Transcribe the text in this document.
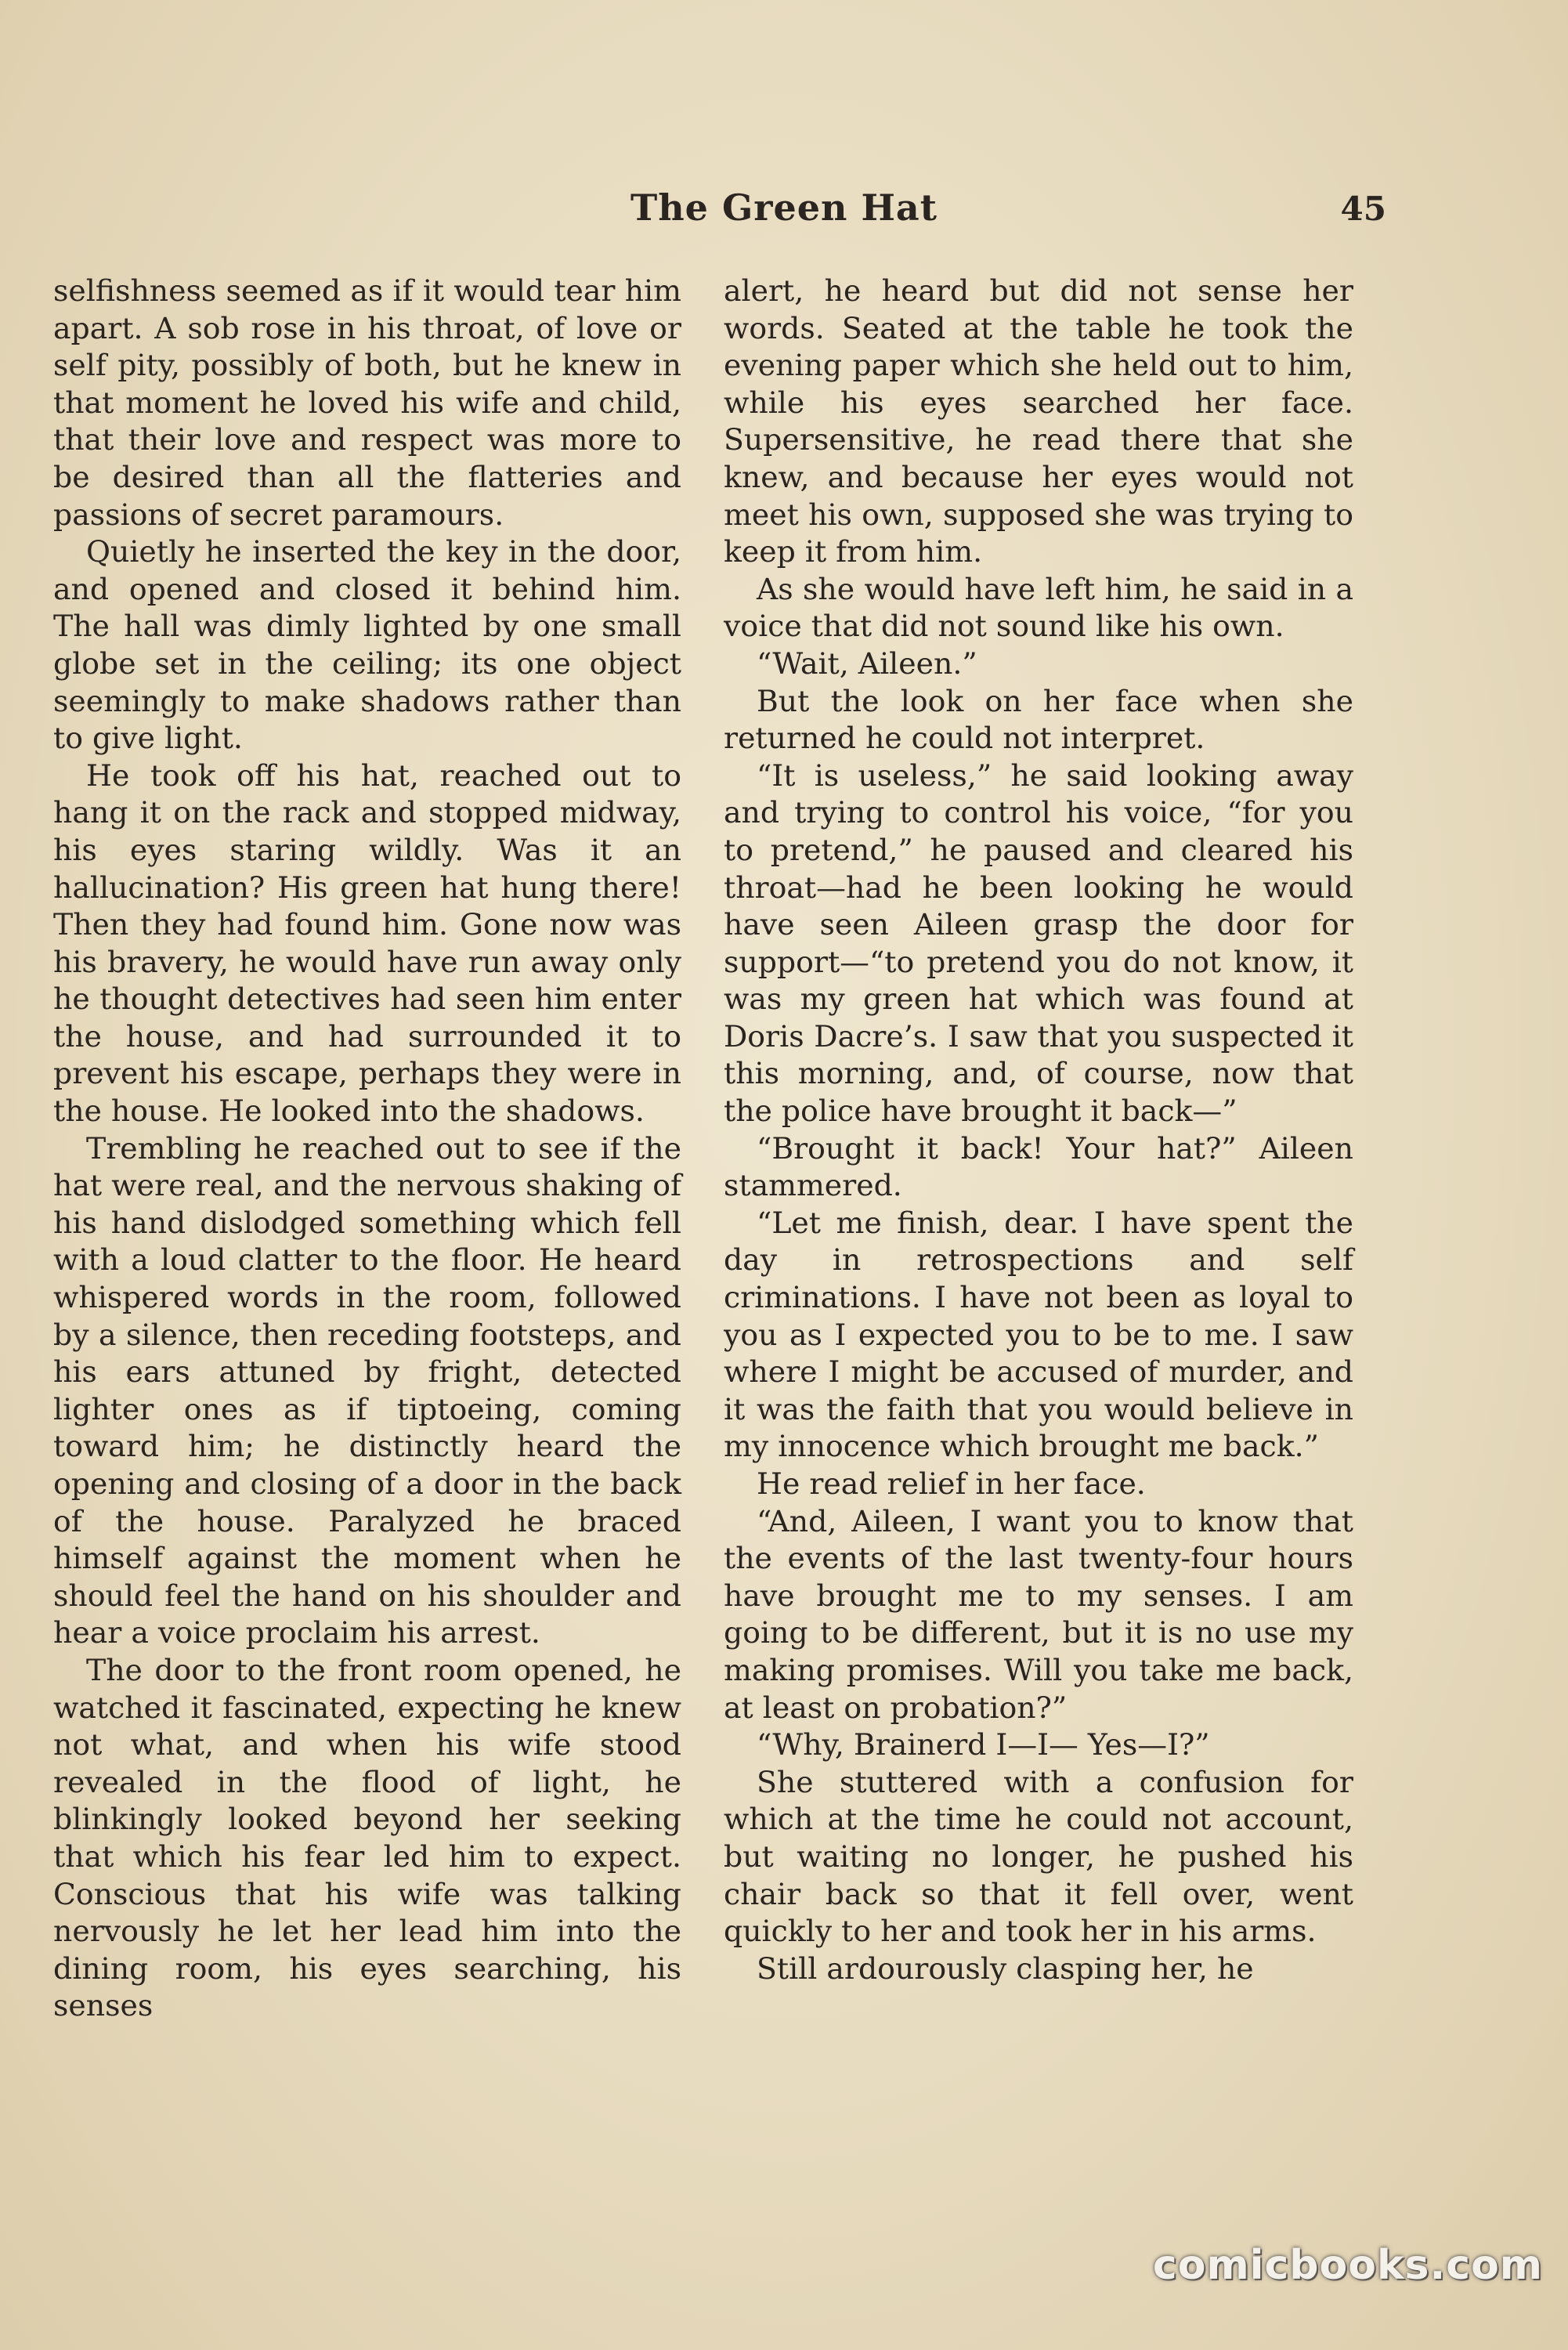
The Green Hat	45

selfishness seemed as if it would tear him apart. A sob rose in his throat, of love or self pity, possibly of both, but he knew in that moment he loved his wife and child, that their love and respect was more to be desired than all the flatteries and passions of secret paramours.

Quietly he inserted the key in the door, and opened and closed it behind him. The hall was dimly lighted by one small globe set in the ceiling; its one object seemingly to make shadows rather than to give light.

He took off his hat, reached out to hang it on the rack and stopped midway, his eyes staring wildly. Was it an hallucination? His green hat hung there! Then they had found him. Gone now was his bravery, he would have run away only he thought detectives had seen him enter the house, and had surrounded it to prevent his escape, perhaps they were in the house. He looked into the shadows.

Trembling he reached out to see if the hat were real, and the nervous shaking of his hand dislodged something which fell with a loud clatter to the floor. He heard whispered words in the room, followed by a silence, then receding footsteps, and his ears attuned by fright, detected lighter ones as if tiptoeing, coming toward him; he distinctly heard the opening and closing of a door in the back of the house. Paralyzed he braced himself against the moment when he should feel the hand on his shoulder and hear a voice proclaim his arrest.

The door to the front room opened, he watched it fascinated, expecting he knew not what, and when his wife stood revealed in the flood of light, he blinkingly looked beyond her seeking that which his fear led him to expect. Conscious that his wife was talking nervously he let her lead him into the dining room, his eyes searching, his senses

alert, he heard but did not sense her words. Seated at the table he took the evening paper which she held out to him, while his eyes searched her face. Supersensitive, he read there that she knew, and because her eyes would not meet his own, supposed she was trying to keep it from him.

As she would have left him, he said in a voice that did not sound like his own.

“Wait, Aileen.”

But the look on her face when she returned he could not interpret.

“It is useless,” he said looking away and trying to control his voice, “for you to pretend,” he paused and cleared his throat—had he been looking he would have seen Aileen grasp the door for support—“to pretend you do not know, it was my green hat which was found at Doris Dacre’s. I saw that you suspected it this morning, and, of course, now that the police have brought it back—”

“Brought it back! Your hat?” Aileen stammered.

“Let me finish, dear. I have spent the day in retrospections and self criminations. I have not been as loyal to you as I expected you to be to me. I saw where I might be accused of murder, and it was the faith that you would believe in my innocence which brought me back.”

He read relief in her face.

“And, Aileen, I want you to know that the events of the last twenty-four hours have brought me to my senses. I am going to be different, but it is no use my making promises. Will you take me back, at least on probation?”

“Why, Brainerd I—I— Yes—I?”

She stuttered with a confusion for which at the time he could not account, but waiting no longer, he pushed his chair back so that it fell over, went quickly to her and took her in his arms.

Still ardourously clasping her, he

comicbooks.com
